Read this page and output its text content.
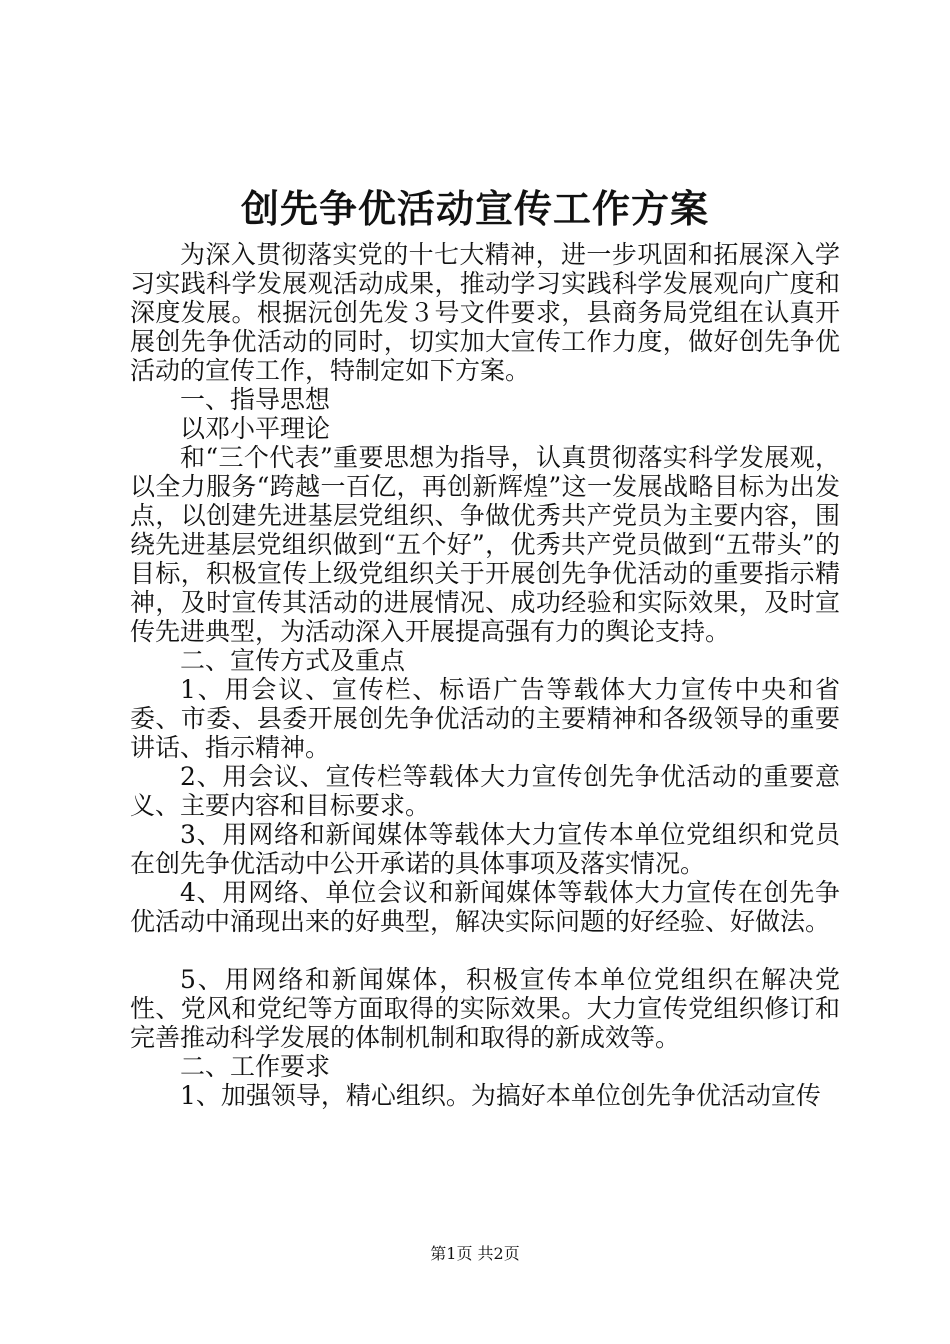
创先争优活动宣传工作方案

为深入贯彻落实党的十七大精神，进一步巩固和拓展深入学习实践科学发展观活动成果，推动学习实践科学发展观向广度和深度发展。根据沅创先发３号文件要求，县商务局党组在认真开展创先争优活动的同时，切实加大宣传工作力度，做好创先争优活动的宣传工作，特制定如下方案。

一、指导思想

以邓小平理论

和“三个代表”重要思想为指导，认真贯彻落实科学发展观，以全力服务“跨越一百亿，再创新辉煌”这一发展战略目标为出发点，以创建先进基层党组织、争做优秀共产党员为主要内容，围绕先进基层党组织做到“五个好”，优秀共产党员做到“五带头”的目标，积极宣传上级党组织关于开展创先争优活动的重要指示精神，及时宣传其活动的进展情况、成功经验和实际效果，及时宣传先进典型，为活动深入开展提高强有力的舆论支持。

二、宣传方式及重点

1、用会议、宣传栏、标语广告等载体大力宣传中央和省委、市委、县委开展创先争优活动的主要精神和各级领导的重要讲话、指示精神。

2、用会议、宣传栏等载体大力宣传创先争优活动的重要意义、主要内容和目标要求。

3、用网络和新闻媒体等载体大力宣传本单位党组织和党员在创先争优活动中公开承诺的具体事项及落实情况。

4、用网络、单位会议和新闻媒体等载体大力宣传在创先争优活动中涌现出来的好典型，解决实际问题的好经验、好做法。

5、用网络和新闻媒体，积极宣传本单位党组织在解决党性、党风和党纪等方面取得的实际效果。大力宣传党组织修订和完善推动科学发展的体制机制和取得的新成效等。

二、工作要求

1、加强领导，精心组织。为搞好本单位创先争优活动宣传

第1页 共2页
